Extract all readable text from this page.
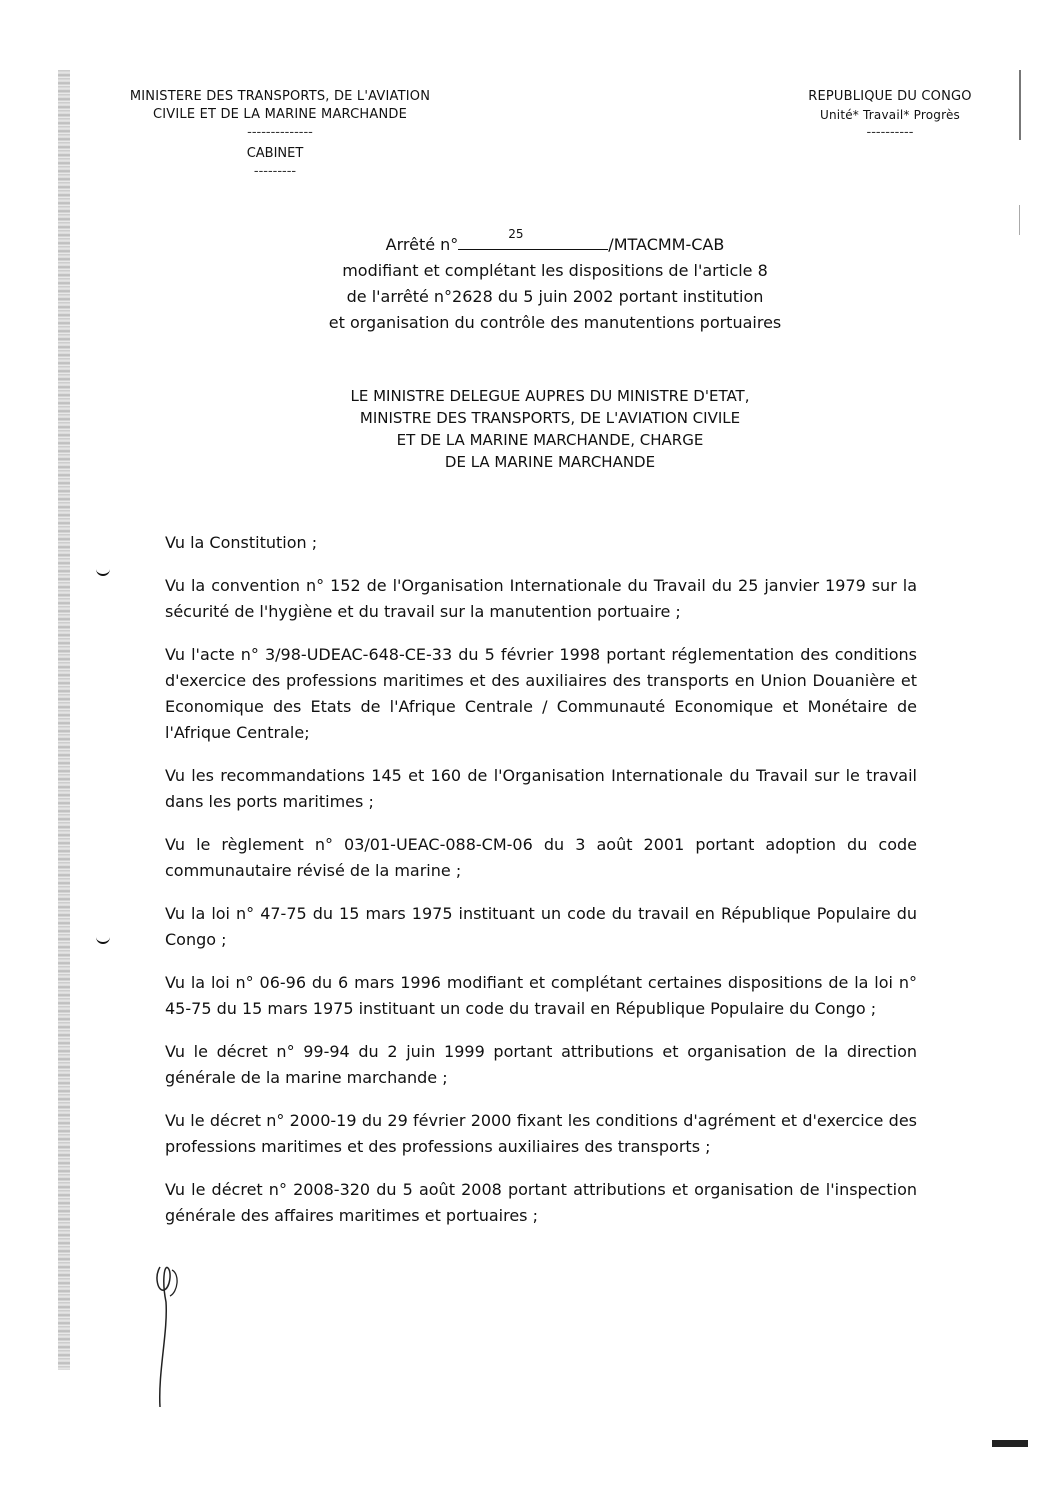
MINISTERE DES TRANSPORTS, DE L'AVIATION
CIVILE ET DE LA MARINE MARCHANDE
--------------
CABINET
---------
REPUBLIQUE DU CONGO
Unité* Travail* Progrès
----------
Arrêté n°
25
/MTACMM-CAB
modifiant et complétant les dispositions de l'article 8
de l'arrêté n°2628 du 5 juin 2002 portant institution
et organisation du contrôle des manutentions portuaires
LE MINISTRE DELEGUE AUPRES DU MINISTRE D'ETAT,
MINISTRE DES TRANSPORTS, DE L'AVIATION CIVILE
ET DE LA MARINE MARCHANDE, CHARGE
DE LA MARINE MARCHANDE

Vu la Constitution ;

Vu la convention n° 152 de l'Organisation Internationale du Travail du 25 janvier 1979 sur la sécurité de l'hygiène et du travail sur la manutention portuaire ;

Vu l'acte n° 3/98-UDEAC-648-CE-33 du 5 février 1998 portant réglementation des conditions d'exercice des professions maritimes et des auxiliaires des transports en Union Douanière et Economique des Etats de l'Afrique Centrale / Communauté Economique et Monétaire de l'Afrique Centrale;

Vu les recommandations 145 et 160 de l'Organisation Internationale du Travail sur le travail dans les ports maritimes ;

Vu le règlement n° 03/01-UEAC-088-CM-06 du 3 août 2001 portant adoption du code communautaire révisé de la marine ;

Vu la loi n° 47-75 du 15 mars 1975 instituant un code du travail en République Populaire du Congo ;

Vu la loi n° 06-96 du 6 mars 1996 modifiant et complétant certaines dispositions de la loi n° 45-75 du 15 mars 1975 instituant un code du travail en République Populaire du Congo ;

Vu le décret n° 99-94 du 2 juin 1999 portant attributions et organisation de la direction générale de la marine marchande ;

Vu le décret n° 2000-19 du 29 février 2000 fixant les conditions d'agrément et d'exercice des professions maritimes et des professions auxiliaires des transports ;

Vu le décret n° 2008-320 du 5 août 2008 portant attributions et organisation de l'inspection générale des affaires maritimes et portuaires ;
